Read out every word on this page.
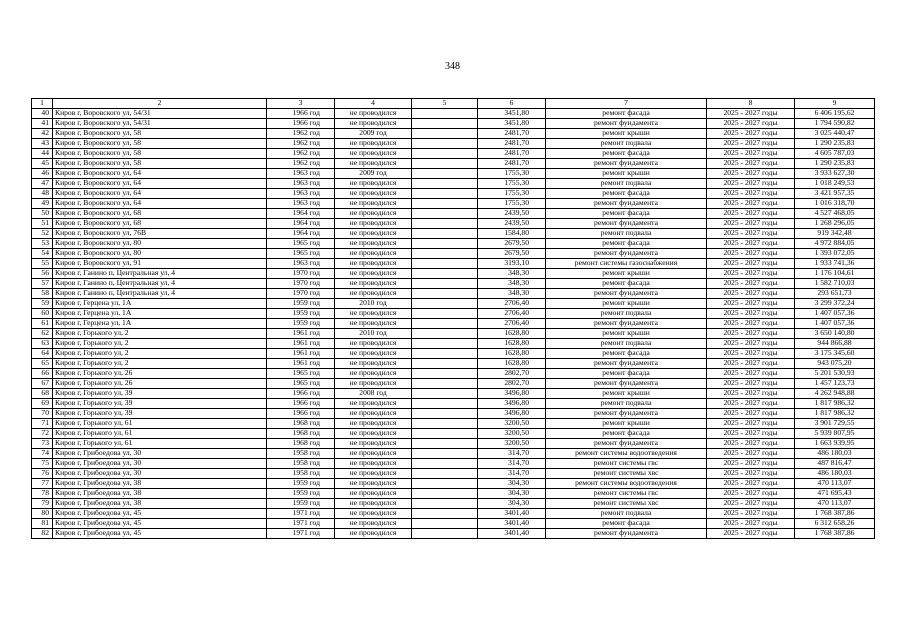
348
1	2	3	4	5	6	7	8	9
40	Киров г, Воровского ул, 54/31	1966 год	не проводился		3451,80	ремонт фасада	2025 - 2027 годы	6 406 195,62
41	Киров г, Воровского ул, 54/31	1966 год	не проводился		3451,80	ремонт фундамента	2025 - 2027 годы	1 794 590,82
42	Киров г, Воровского ул, 58	1962 год	2009 год		2481,70	ремонт крыши	2025 - 2027 годы	3 025 440,47
43	Киров г, Воровского ул, 58	1962 год	не проводился		2481,70	ремонт подвала	2025 - 2027 годы	1 290 235,83
44	Киров г, Воровского ул, 58	1962 год	не проводился		2481,70	ремонт фасада	2025 - 2027 годы	4 605 787,03
45	Киров г, Воровского ул, 58	1962 год	не проводился		2481,70	ремонт фундамента	2025 - 2027 годы	1 290 235,83
46	Киров г, Воровского ул, 64	1963 год	2009 год		1755,30	ремонт крыши	2025 - 2027 годы	3 933 627,30
47	Киров г, Воровского ул, 64	1963 год	не проводился		1755,30	ремонт подвала	2025 - 2027 годы	1 018 249,53
48	Киров г, Воровского ул, 64	1963 год	не проводился		1755,30	ремонт фасада	2025 - 2027 годы	3 421 957,35
49	Киров г, Воровского ул, 64	1963 год	не проводился		1755,30	ремонт фундамента	2025 - 2027 годы	1 016 318,70
50	Киров г, Воровского ул, 68	1964 год	не проводился		2439,50	ремонт фасада	2025 - 2027 годы	4 527 468,05
51	Киров г, Воровского ул, 68	1964 год	не проводился		2439,50	ремонт фундамента	2025 - 2027 годы	1 268 296,05
52	Киров г, Воровского ул, 76В	1964 год	не проводился		1584,80	ремонт подвала	2025 - 2027 годы	919 342,48
53	Киров г, Воровского ул, 80	1965 год	не проводился		2679,50	ремонт фасада	2025 - 2027 годы	4 972 884,05
54	Киров г, Воровского ул, 80	1965 год	не проводился		2679,50	ремонт фундамента	2025 - 2027 годы	1 393 072,05
55	Киров г, Воровского ул, 91	1963 год	не проводился		3193,10	ремонт системы газоснабжения	2025 - 2027 годы	1 933 741,36
56	Киров г, Ганино п, Центральная ул, 4	1970 год	не проводился		348,30	ремонт крыши	2025 - 2027 годы	1 176 104,61
57	Киров г, Ганино п, Центральная ул, 4	1970 год	не проводился		348,30	ремонт фасада	2025 - 2027 годы	1 582 710,03
58	Киров г, Ганино п, Центральная ул, 4	1970 год	не проводился		348,30	ремонт фундамента	2025 - 2027 годы	293 651,73
59	Киров г, Герцена ул, 1А	1959 год	2010 год		2706,40	ремонт крыши	2025 - 2027 годы	3 299 372,24
60	Киров г, Герцена ул, 1А	1959 год	не проводился		2706,40	ремонт подвала	2025 - 2027 годы	1 407 057,36
61	Киров г, Герцена ул, 1А	1959 год	не проводился		2706,40	ремонт фундамента	2025 - 2027 годы	1 407 057,36
62	Киров г, Горького ул, 2	1961 год	2010 год		1628,80	ремонт крыши	2025 - 2027 годы	3 650 140,80
63	Киров г, Горького ул, 2	1961 год	не проводился		1628,80	ремонт подвала	2025 - 2027 годы	944 866,88
64	Киров г, Горького ул, 2	1961 год	не проводился		1628,80	ремонт фасада	2025 - 2027 годы	3 175 345,60
65	Киров г, Горького ул, 2	1961 год	не проводился		1628,80	ремонт фундамента	2025 - 2027 годы	943 075,20
66	Киров г, Горького ул, 26	1965 год	не проводился		2802,70	ремонт фасада	2025 - 2027 годы	5 201 530,93
67	Киров г, Горького ул, 26	1965 год	не проводился		2802,70	ремонт фундамента	2025 - 2027 годы	1 457 123,73
68	Киров г, Горького ул, 39	1966 год	2008 год		3496,80	ремонт крыши	2025 - 2027 годы	4 262 948,88
69	Киров г, Горького ул, 39	1966 год	не проводился		3496,80	ремонт подвала	2025 - 2027 годы	1 817 986,32
70	Киров г, Горького ул, 39	1966 год	не проводился		3496,80	ремонт фундамента	2025 - 2027 годы	1 817 986,32
71	Киров г, Горького ул, 61	1968 год	не проводился		3200,50	ремонт крыши	2025 - 2027 годы	3 901 729,55
72	Киров г, Горького ул, 61	1968 год	не проводился		3200,50	ремонт фасада	2025 - 2027 годы	5 939 807,95
73	Киров г, Горького ул, 61	1968 год	не проводился		3200,50	ремонт фундамента	2025 - 2027 годы	1 663 939,95
74	Киров г, Грибоедова ул, 30	1958 год	не проводился		314,70	ремонт системы водоотведения	2025 - 2027 годы	486 180,03
75	Киров г, Грибоедова ул, 30	1958 год	не проводился		314,70	ремонт системы гвс	2025 - 2027 годы	487 816,47
76	Киров г, Грибоедова ул, 30	1958 год	не проводился		314,70	ремонт системы хвс	2025 - 2027 годы	486 180,03
77	Киров г, Грибоедова ул, 38	1959 год	не проводился		304,30	ремонт системы водоотведения	2025 - 2027 годы	470 113,07
78	Киров г, Грибоедова ул, 38	1959 год	не проводился		304,30	ремонт системы гвс	2025 - 2027 годы	471 695,43
79	Киров г, Грибоедова ул, 38	1959 год	не проводился		304,30	ремонт системы хвс	2025 - 2027 годы	470 113,07
80	Киров г, Грибоедова ул, 45	1971 год	не проводился		3401,40	ремонт подвала	2025 - 2027 годы	1 768 387,86
81	Киров г, Грибоедова ул, 45	1971 год	не проводился		3401,40	ремонт фасада	2025 - 2027 годы	6 312 658,26
82	Киров г, Грибоедова ул, 45	1971 год	не проводился		3401,40	ремонт фундамента	2025 - 2027 годы	1 768 387,86
